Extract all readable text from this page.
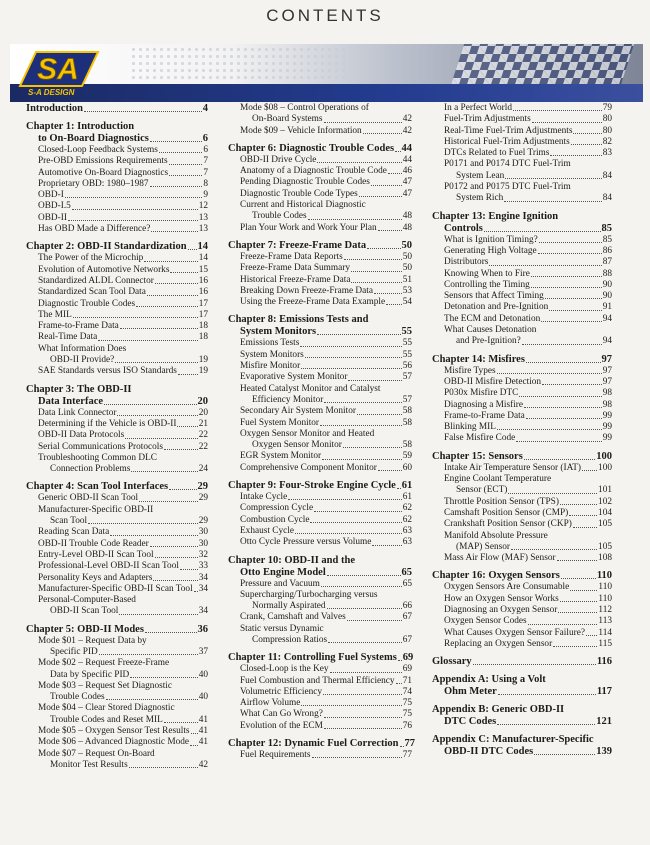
CONTENTS
SA
S-A DESIGN
Introduction	4
Chapter 1: Introduction
to On-Board Diagnostics	6
Closed-Loop Feedback Systems	6
Pre-OBD Emissions Requirements	7
Automotive On-Board Diagnostics	7
Proprietary OBD: 1980–1987	8
OBD-I	9
OBD-I.5	12
OBD-II	13
Has OBD Made a Difference?	13
Chapter 2: OBD-II Standardization 14
The Power of the Microchip	14
Evolution of Automotive Networks	15
Standardized ALDL Connector	16
Standardized Scan Tool Data	16
Diagnostic Trouble Codes	17
The MIL	17
Frame-to-Frame Data	18
Real-Time Data	18
What Information Does
OBD-II Provide?	19
SAE Standards versus ISO Standards 19
Chapter 3: The OBD-II
Data Interface	20
Data Link Connector	20
Determining if the Vehicle is OBD-II 21
OBD-II Data Protocols	22
Serial Communications Protocols	22
Troubleshooting Common DLC
Connection Problems	24
Chapter 4: Scan Tool Interfaces	29
Generic OBD-II Scan Tool	29
Manufacturer-Specific OBD-II
Scan Tool	29
Reading Scan Data	30
OBD-II Trouble Code Reader	30
Entry-Level OBD-II Scan Tool	32
Professional-Level OBD-II Scan Tool 33
Personality Keys and Adapters	34
Manufacturer-Specific OBD-II Scan Tool 34
Personal-Computer-Based
OBD-II Scan Tool	34
Chapter 5: OBD-II Modes	36
Mode $01 – Request Data by
Specific PID	37
Mode $02 – Request Freeze-Frame
Data by Specific PID	40
Mode $03 – Request Set Diagnostic
Trouble Codes	40
Mode $04 – Clear Stored Diagnostic
Trouble Codes and Reset MIL	41
Mode $05 – Oxygen Sensor Test Results 41
Mode $06 – Advanced Diagnostic Mode 41
Mode $07 – Request On-Board
Monitor Test Results	42
Mode $08 – Control Operations of
On-Board Systems	42
Mode $09 – Vehicle Information	42
Chapter 6: Diagnostic Trouble Codes 44
OBD-II Drive Cycle	44
Anatomy of a Diagnostic Trouble Code 46
Pending Diagnostic Trouble Codes	47
Diagnostic Trouble Code Types	47
Current and Historical Diagnostic
Trouble Codes	48
Plan Your Work and Work Your Plan	48
Chapter 7: Freeze-Frame Data	50
Freeze-Frame Data Reports	50
Freeze-Frame Data Summary	50
Historical Freeze-Frame Data	51
Breaking Down Freeze-Frame Data	53
Using the Freeze-Frame Data Example 54
Chapter 8: Emissions Tests and
System Monitors	55
Emissions Tests	55
System Monitors	55
Misfire Monitor	56
Evaporative System Monitor	57
Heated Catalyst Monitor and Catalyst
Efficiency Monitor	57
Secondary Air System Monitor	58
Fuel System Monitor	58
Oxygen Sensor Monitor and Heated
Oxygen Sensor Monitor	58
EGR System Monitor	59
Comprehensive Component Monitor	60
Chapter 9: Four-Stroke Engine Cycle 61
Intake Cycle	61
Compression Cycle	62
Combustion Cycle	62
Exhaust Cycle	63
Otto Cycle Pressure versus Volume	63
Chapter 10: OBD-II and the
Otto Engine Model	65
Pressure and Vacuum	65
Supercharging/Turbocharging versus
Normally Aspirated	66
Crank, Camshaft and Valves	67
Static versus Dynamic
Compression Ratios	67
Chapter 11: Controlling Fuel Systems 69
Closed-Loop is the Key	69
Fuel Combustion and Thermal Efficiency 71
Volumetric Efficiency	74
Airflow Volume	75
What Can Go Wrong?	75
Evolution of the ECM	76
Chapter 12: Dynamic Fuel Correction 77
Fuel Requirements	77
In a Perfect World	79
Fuel-Trim Adjustments	80
Real-Time Fuel-Trim Adjustments	80
Historical Fuel-Trim Adjustments	82
DTCs Related to Fuel Trims	83
P0171 and P0174 DTC Fuel-Trim
System Lean	84
P0172 and P0175 DTC Fuel-Trim
System Rich	84
Chapter 13: Engine Ignition
Controls	85
What is Ignition Timing?	85
Generating High Voltage	86
Distributors	87
Knowing When to Fire	88
Controlling the Timing	90
Sensors that Affect Timing	90
Detonation and Pre-Ignition	91
The ECM and Detonation	94
What Causes Detonation
and Pre-Ignition?	94
Chapter 14: Misfires	97
Misfire Types	97
OBD-II Misfire Detection	97
P030x Misfire DTC	98
Diagnosing a Misfire	98
Frame-to-Frame Data	99
Blinking MIL	99
False Misfire Code	99
Chapter 15: Sensors	100
Intake Air Temperature Sensor (IAT) 100
Engine Coolant Temperature
Sensor (ECT)	101
Throttle Position Sensor (TPS)	102
Camshaft Position Sensor (CMP)	104
Crankshaft Position Sensor (CKP)	105
Manifold Absolute Pressure
(MAP) Sensor	105
Mass Air Flow (MAF) Sensor	108
Chapter 16: Oxygen Sensors	110
Oxygen Sensors Are Consumable	110
How an Oxygen Sensor Works	110
Diagnosing an Oxygen Sensor	112
Oxygen Sensor Codes	113
What Causes Oxygen Sensor Failure? 114
Replacing an Oxygen Sensor	115
Glossary	116
Appendix A: Using a Volt
Ohm Meter	117
Appendix B: Generic OBD-II
DTC Codes	121
Appendix C: Manufacturer-Specific
OBD-II DTC Codes	139
